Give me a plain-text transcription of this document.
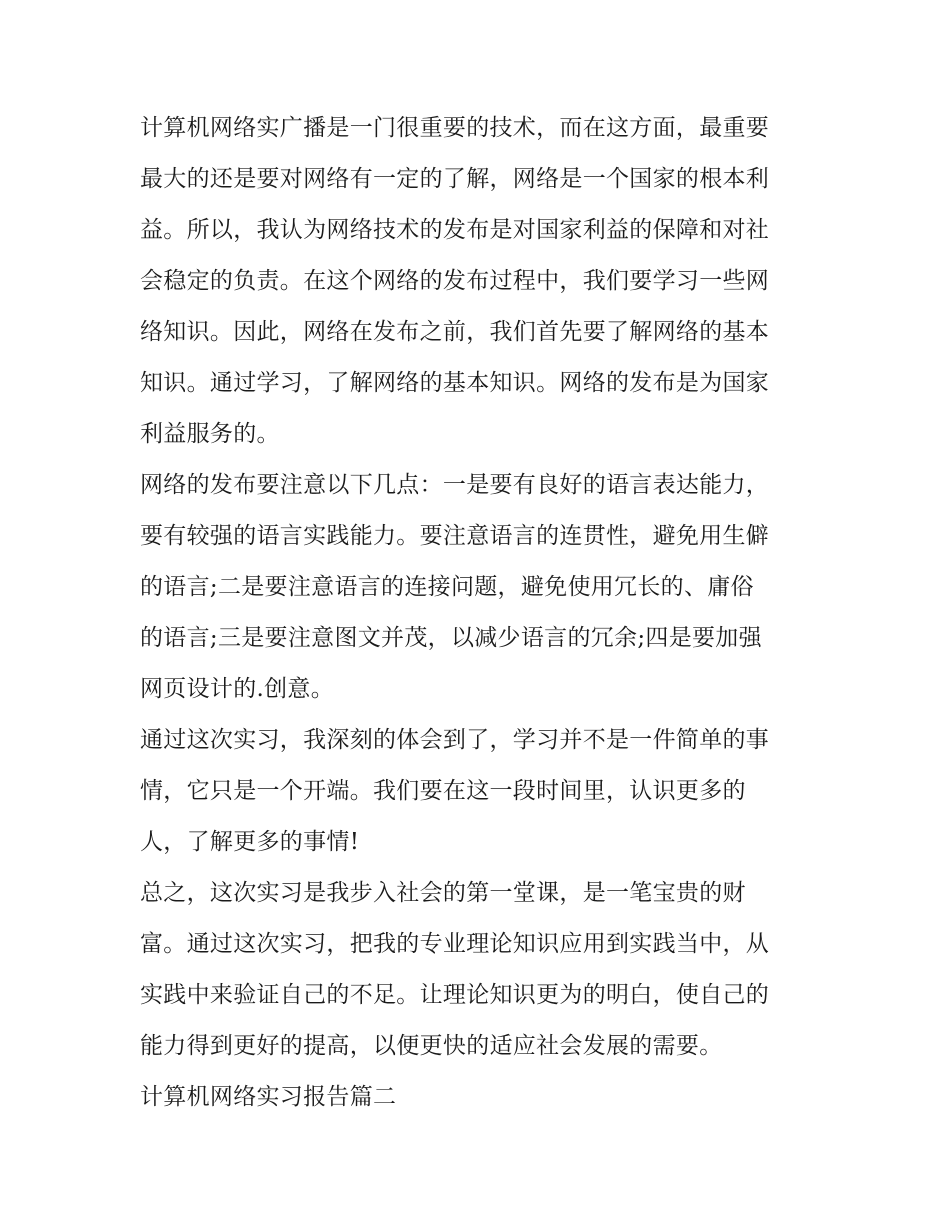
计算机网络实广播是一门很重要的技术，而在这方面，最重要
最大的还是要对网络有一定的了解，网络是一个国家的根本利
益。所以，我认为网络技术的发布是对国家利益的保障和对社
会稳定的负责。在这个网络的发布过程中，我们要学习一些网
络知识。因此，网络在发布之前，我们首先要了解网络的基本
知识。通过学习，了解网络的基本知识。网络的发布是为国家
利益服务的。

网络的发布要注意以下几点：一是要有良好的语言表达能力，
要有较强的语言实践能力。要注意语言的连贯性，避免用生僻
的语言;二是要注意语言的连接问题，避免使用冗长的、庸俗
的语言;三是要注意图文并茂，以减少语言的冗余;四是要加强
网页设计的.创意。

通过这次实习，我深刻的体会到了，学习并不是一件简单的事
情，它只是一个开端。我们要在这一段时间里，认识更多的
人，了解更多的事情!

总之，这次实习是我步入社会的第一堂课，是一笔宝贵的财
富。通过这次实习，把我的专业理论知识应用到实践当中，从
实践中来验证自己的不足。让理论知识更为的明白，使自己的
能力得到更好的提高，以便更快的适应社会发展的需要。

计算机网络实习报告篇二
